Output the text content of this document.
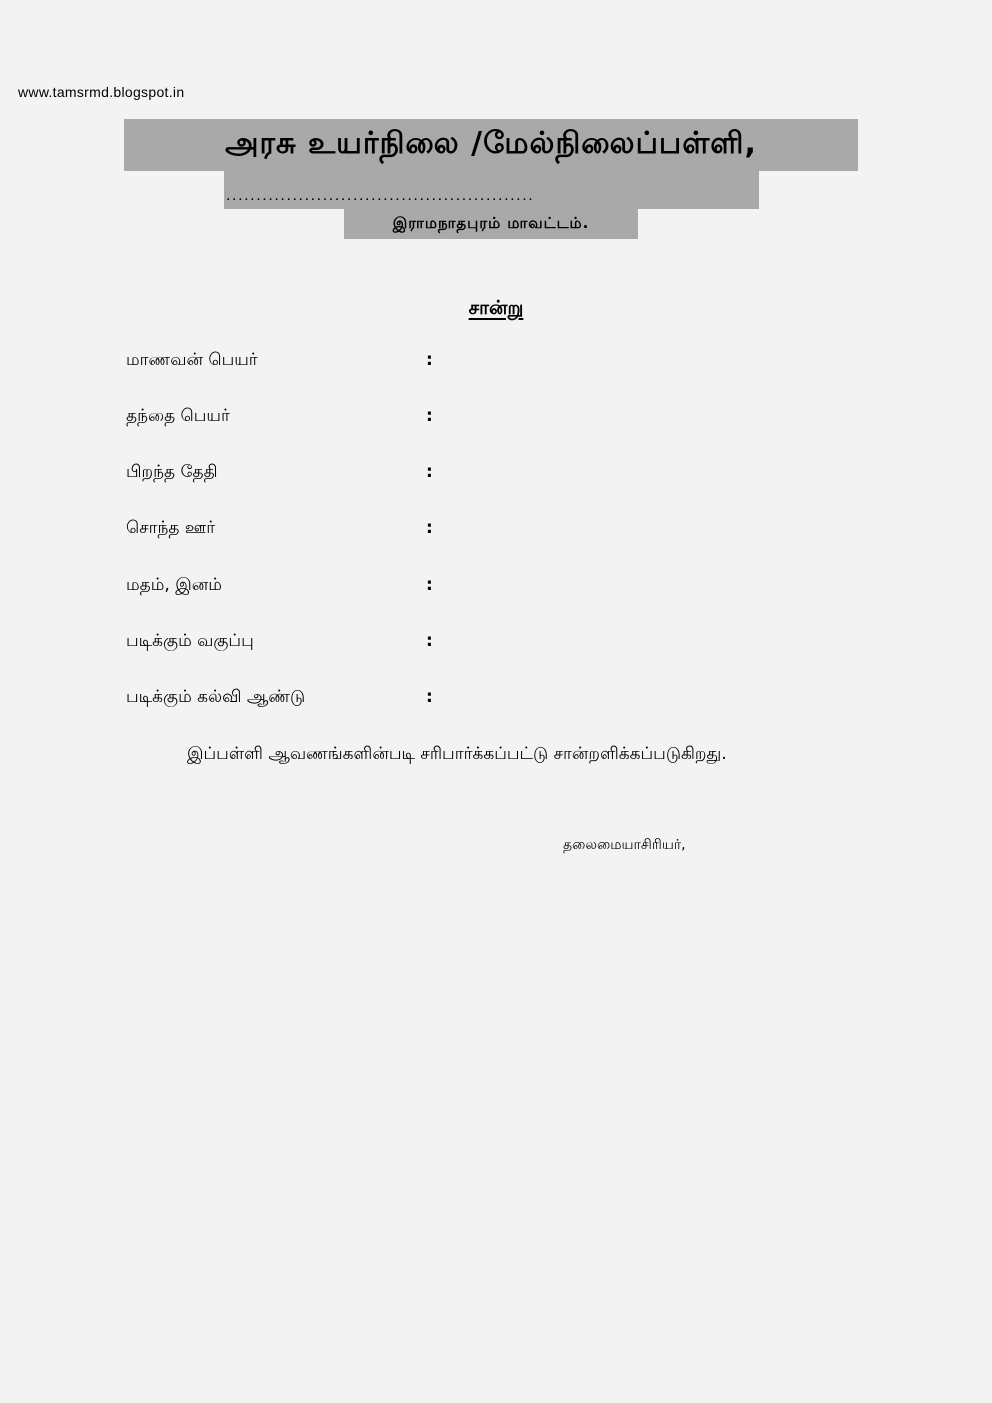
www.tamsrmd.blogspot.in
அரசு உயர்நிலை /மேல்நிலைப்பள்ளி,
...................................................
இராமநாதபுரம் மாவட்டம்.
சான்று
மாணவன் பெயர்	:
தந்தை பெயர்	:
பிறந்த தேதி	:
சொந்த ஊர்	:
மதம், இனம்	:
படிக்கும் வகுப்பு	:
படிக்கும் கல்வி ஆண்டு	:
இப்பள்ளி ஆவணங்களின்படி சரிபார்க்கப்பட்டு சான்றளிக்கப்படுகிறது.
தலைமையாசிரியர்,
